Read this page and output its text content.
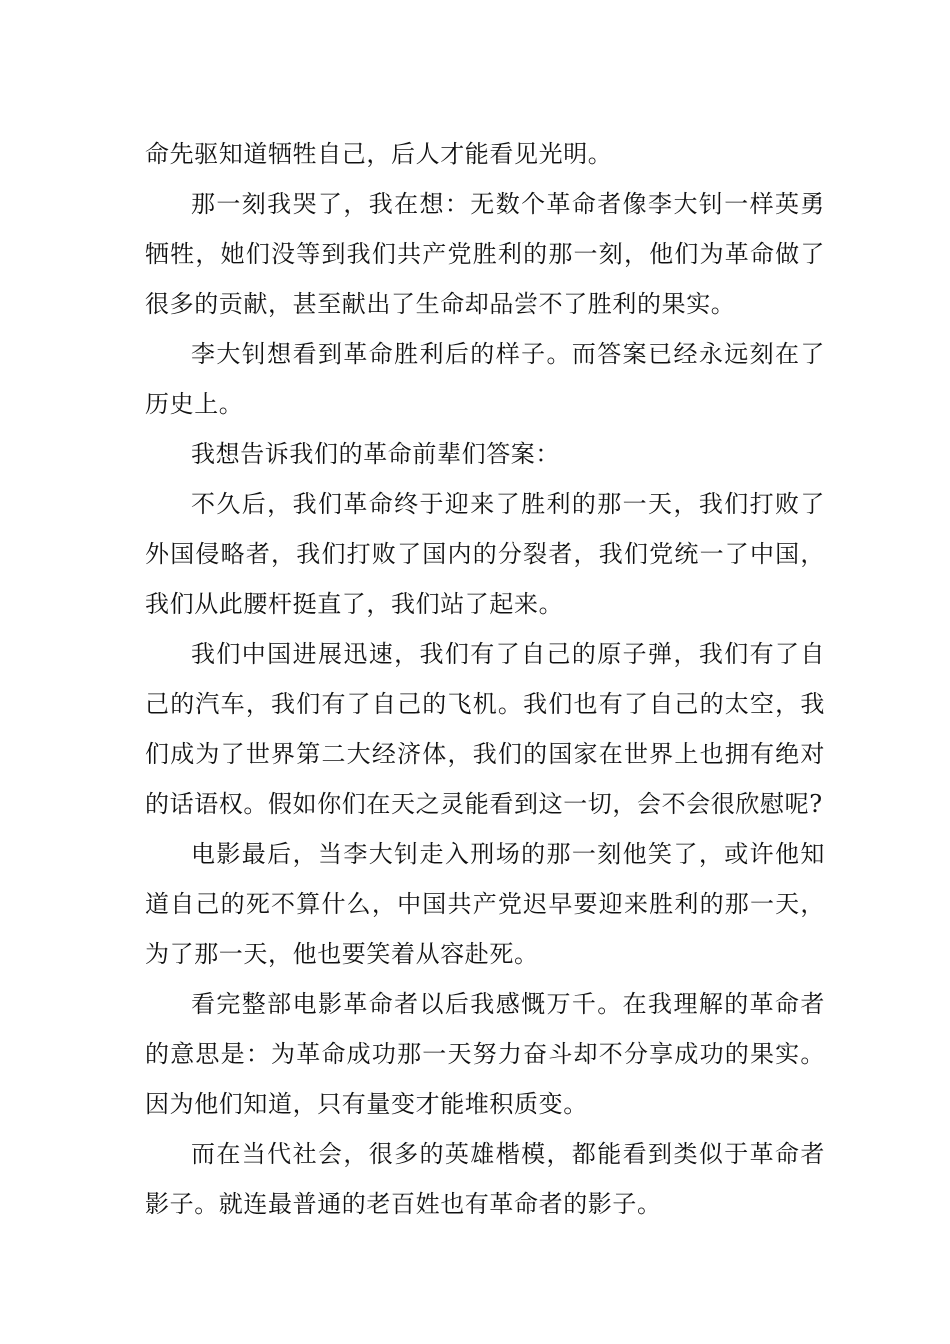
命先驱知道牺牲自己，后人才能看见光明。

那一刻我哭了，我在想：无数个革命者像李大钊一样英勇牺牲，她们没等到我们共产党胜利的那一刻，他们为革命做了很多的贡献，甚至献出了生命却品尝不了胜利的果实。

李大钊想看到革命胜利后的样子。而答案已经永远刻在了历史上。

我想告诉我们的革命前辈们答案：

不久后，我们革命终于迎来了胜利的那一天，我们打败了外国侵略者，我们打败了国内的分裂者，我们党统一了中国，我们从此腰杆挺直了，我们站了起来。

我们中国进展迅速，我们有了自己的原子弹，我们有了自己的汽车，我们有了自己的飞机。我们也有了自己的太空，我们成为了世界第二大经济体，我们的国家在世界上也拥有绝对的话语权。假如你们在天之灵能看到这一切，会不会很欣慰呢?

电影最后，当李大钊走入刑场的那一刻他笑了，或许他知道自己的死不算什么，中国共产党迟早要迎来胜利的那一天，为了那一天，他也要笑着从容赴死。

看完整部电影革命者以后我感慨万千。在我理解的革命者的意思是：为革命成功那一天努力奋斗却不分享成功的果实。因为他们知道，只有量变才能堆积质变。

而在当代社会，很多的英雄楷模，都能看到类似于革命者影子。就连最普通的老百姓也有革命者的影子。
